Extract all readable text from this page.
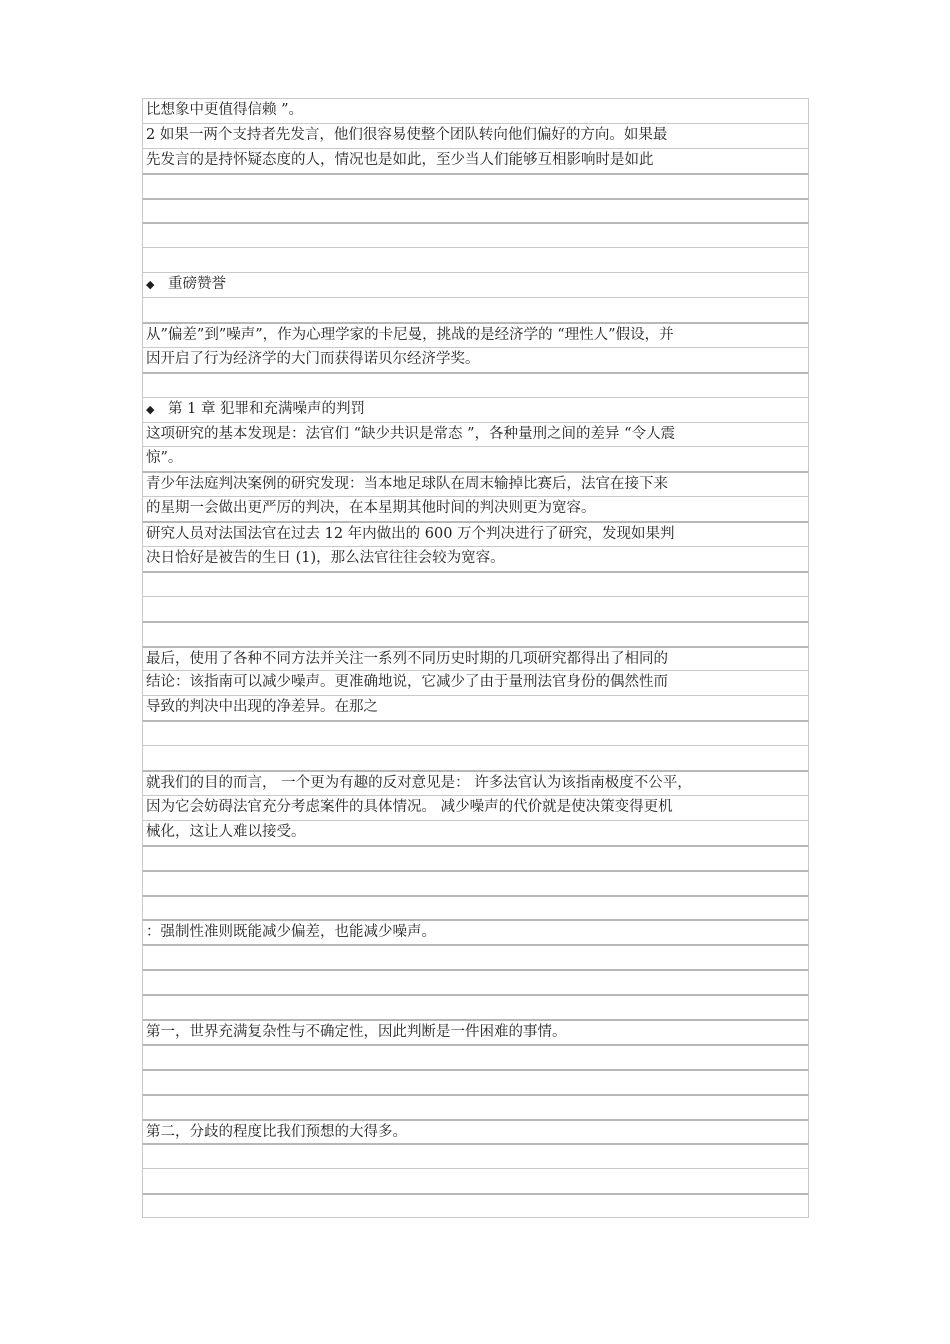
比想象中更值得信赖 ”。
2 如果一两个支持者先发言，他们很容易使整个团队转向他们偏好的方向。如果最
先发言的是持怀疑态度的人，情况也是如此，至少当人们能够互相影响时是如此
◆ 重磅赞誉
从”偏差”到”噪声”，作为心理学家的卡尼曼，挑战的是经济学的 “理性人”假设，并
因开启了行为经济学的大门而获得诺贝尔经济学奖。
◆ 第 1 章 犯罪和充满噪声的判罚
这项研究的基本发现是：法官们 “缺少共识是常态 ”，各种量刑之间的差异 “令人震
惊”。
青少年法庭判决案例的研究发现：当本地足球队在周末输掉比赛后，法官在接下来
的星期一会做出更严厉的判决，在本星期其他时间的判决则更为宽容。
研究人员对法国法官在过去 12 年内做出的 600 万个判决进行了研究，发现如果判
决日恰好是被告的生日 (1)，那么法官往往会较为宽容。
最后，使用了各种不同方法并关注一系列不同历史时期的几项研究都得出了相同的
结论：该指南可以减少噪声。更准确地说，它减少了由于量刑法官身份的偶然性而
导致的判决中出现的净差异。在那之
就我们的目的而言， 一个更为有趣的反对意见是： 许多法官认为该指南极度不公平，
因为它会妨碍法官充分考虑案件的具体情况。 减少噪声的代价就是使决策变得更机
械化，这让人难以接受。
：强制性准则既能减少偏差，也能减少噪声。
第一，世界充满复杂性与不确定性，因此判断是一件困难的事情。
第二，分歧的程度比我们预想的大得多。
